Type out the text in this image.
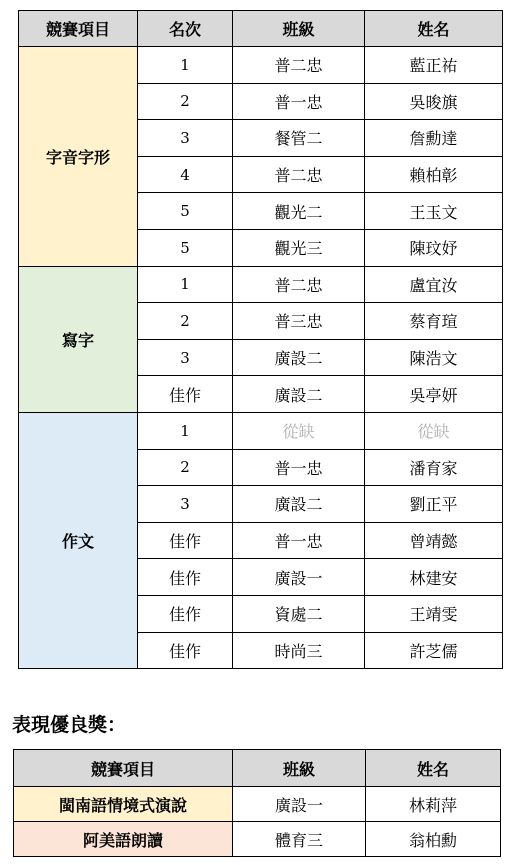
競賽項目	名次	班級	姓名
字音字形	1	普二忠	藍正祐
	2	普一忠	吳晙旗
	3	餐管二	詹勳達
	4	普二忠	賴柏彰
	5	觀光二	王玉文
	5	觀光三	陳玟妤
寫字	1	普二忠	盧宜汝
	2	普三忠	蔡育瑄
	3	廣設二	陳浩文
	佳作	廣設二	吳亭妍
作文	1	從缺	從缺
	2	普一忠	潘育家
	3	廣設二	劉正平
	佳作	普一忠	曾靖懿
	佳作	廣設一	林建安
	佳作	資處二	王靖雯
	佳作	時尚三	許芝儒
表現優良獎：
競賽項目	班級	姓名
閩南語情境式演說	廣設一	林莉萍
阿美語朗讀	體育三	翁柏勳
